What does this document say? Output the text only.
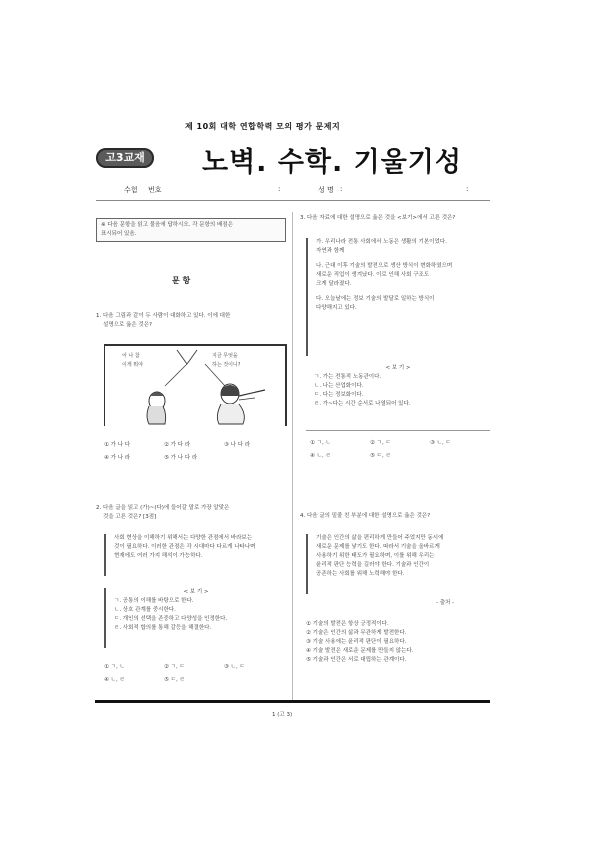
제 10회 대학 연합학력 모의 평가 문제지
고3교재	노벽. 수학. 기울기성
수험 번호	:	성 명 :	:
※ 다음 문항을 읽고 물음에 답하시오. 각 문항의 배점은
표시되어 있음.
문 항
1. 다음 그림과 같이 두 사람이 대화하고 있다. 이에 대한
설명으로 옳은 것은?
어 나 참
이게 뭐야
지금 무엇을
하는 것이니?
① 가 나 다	② 가 다 라	③ 나 다 라
④ 가 나 라	⑤ 가 나 다 라
2. 다음 글을 읽고 (가)~(다)에 들어갈 말로 가장 알맞은
것을 고른 것은? [3점]
사회 현상을 이해하기 위해서는 다양한 관점에서 바라보는
것이 필요하다. 이러한 관점은 각 시대마다 다르게 나타나며
현재에도 여러 가지 해석이 가능하다.
< 보 기 >
ㄱ. 공통의 이해를 바탕으로 한다.
ㄴ. 상호 관계를 중시한다.
ㄷ. 개인의 선택을 존중하고 다양성을 인정한다.
ㄹ. 사회적 합의를 통해 갈등을 해결한다.
① ㄱ, ㄴ	② ㄱ, ㄷ	③ ㄴ, ㄷ
④ ㄴ, ㄹ	⑤ ㄷ, ㄹ
3. 다음 자료에 대한 설명으로 옳은 것을 <보기>에서 고른 것은?
가. 우리나라 전통 사회에서 노동은 생활의 기본이었다.
자연과 함께
나. 근대 이후 기술의 발전으로 생산 방식이 변화하였으며
새로운 직업이 생겨났다. 이로 인해 사회 구조도
크게 달라졌다.
다. 오늘날에는 정보 기술의 발달로 일하는 방식이
다양해지고 있다.
< 보 기 >
ㄱ. 가는 전통적 노동관이다.
ㄴ. 나는 산업화이다.
ㄷ. 다는 정보화이다.
ㄹ. 가~다는 시간 순서로 나열되어 있다.
① ㄱ, ㄴ	② ㄱ, ㄷ	③ ㄴ, ㄷ
④ ㄴ, ㄹ	⑤ ㄷ, ㄹ
4. 다음 글의 밑줄 친 부분에 대한 설명으로 옳은 것은?
기술은 인간의 삶을 편리하게 만들어 주었지만 동시에
새로운 문제를 낳기도 한다. 따라서 기술을 올바르게
사용하기 위한 태도가 필요하며, 이를 위해 우리는
윤리적 판단 능력을 길러야 한다. 기술과 인간이
공존하는 사회를 위해 노력해야 한다.
- 출처 -
① 기술의 발전은 항상 긍정적이다.
② 기술은 인간의 삶과 무관하게 발전한다.
③ 기술 사용에는 윤리적 판단이 필요하다.
④ 기술 발전은 새로운 문제를 만들지 않는다.
⑤ 기술과 인간은 서로 대립하는 관계이다.
1 (고 3)
